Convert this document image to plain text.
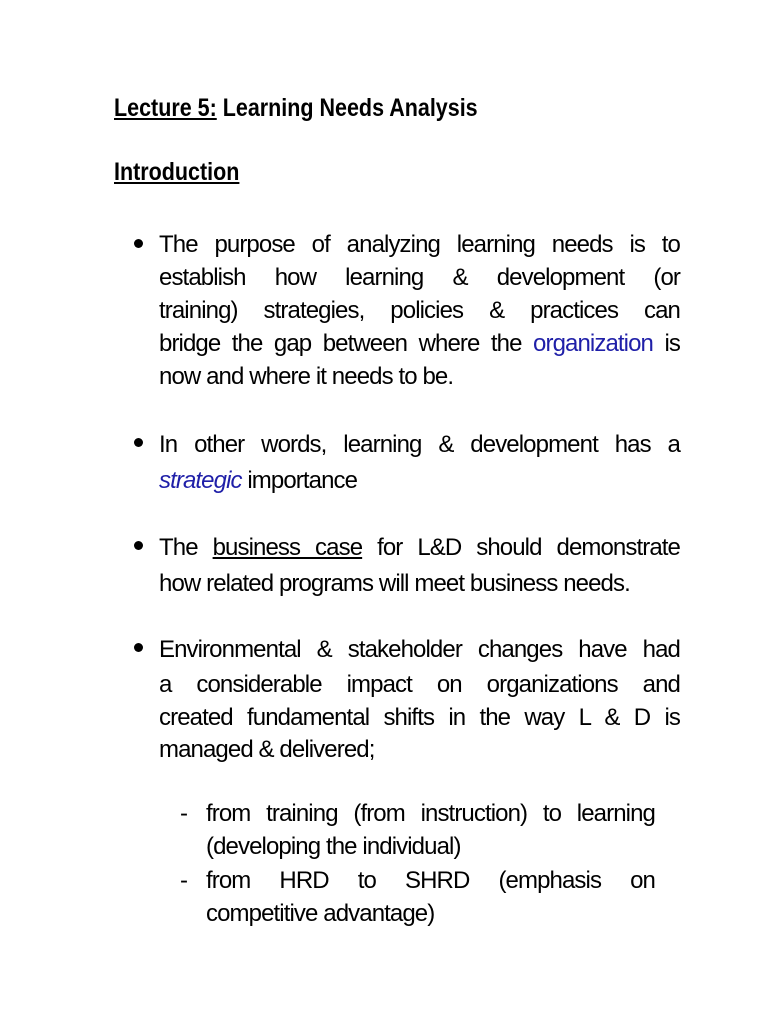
Lecture 5: Learning Needs Analysis
Introduction
The purpose of analyzing learning needs is to
establish how learning & development (or
training) strategies, policies & practices can
bridge the gap between where the organization is
now and where it needs to be.
In other words, learning & development has a
strategic importance
The business case for L&D should demonstrate
how related programs will meet business needs.
Environmental & stakeholder changes have had
a considerable impact on organizations and
created fundamental shifts in the way L & D is
managed & delivered;
- from training (from instruction) to learning
(developing the individual)
- from HRD to SHRD (emphasis on
competitive advantage)
